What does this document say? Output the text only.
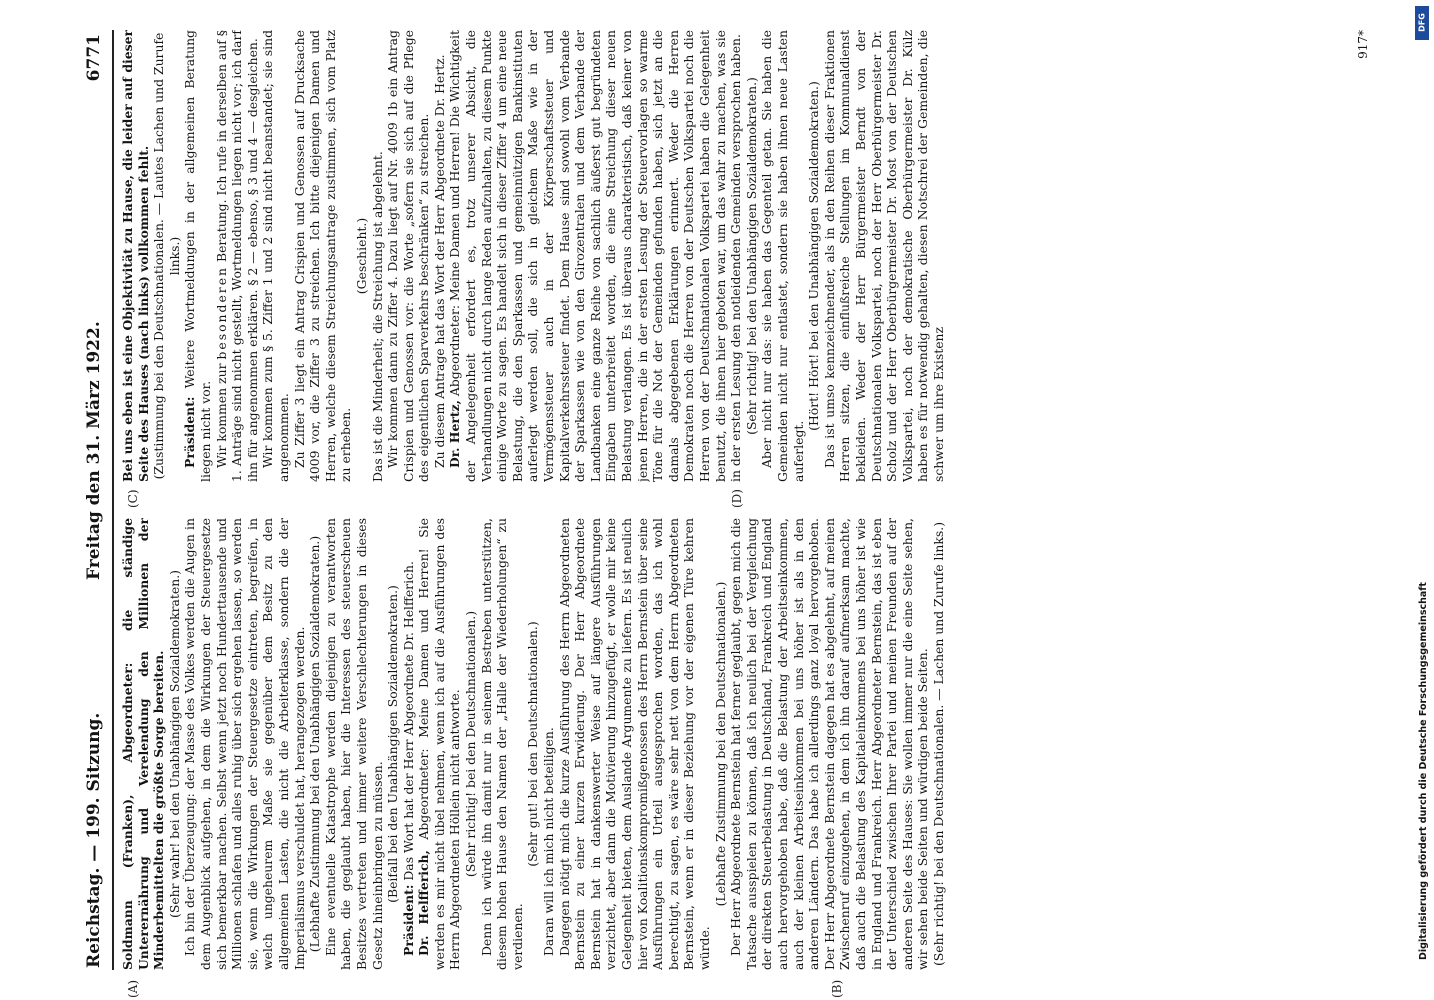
Reichstag. — 199. Sitzung.
Freitag den 31. März 1922.
6771
(A)	(B)
(C)	(D)

Soldmann (Franken), Abgeordneter: die ständige Unterernährung und Verelendung den Millionen der Minderbemittelten die größte Sorge bereiten. (Sehr wahr! bei den Unabhängigen Sozialdemokraten.) Ich bin der Überzeugung: der Masse des Volkes werden die Augen in dem Augenblick aufgehen, in dem die Wirkungen der Steuergesetze sich bemerkbar machen. Selbst wenn jetzt noch Hunderttausende und Millionen schlafen und alles ruhig über sich ergehen lassen, so werden sie, wenn die Wirkungen der Steuergesetze eintreten, begreifen, in welch ungeheurem Maße sie gegenüber dem Besitz zu den allgemeinen Lasten, die nicht die Arbeiterklasse, sondern die der Imperialismus verschuldet hat, herangezogen werden. (Lebhafte Zustimmung bei den Unabhängigen Sozialdemokraten.) Eine eventuelle Katastrophe werden diejenigen zu verantworten haben, die geglaubt haben, hier die Interessen des steuerscheuen Besitzes vertreten und immer weitere Verschlechterungen in dieses Gesetz hineinbringen zu müssen. (Beifall bei den Unabhängigen Sozialdemokraten.)

Präsident: Das Wort hat der Herr Abgeordnete Dr. Helfferich.

Dr. Helfferich, Abgeordneter: Meine Damen und Herren! Sie werden es mir nicht übel nehmen, wenn ich auf die Ausführungen des Herrn Abgeordneten Höllein nicht antworte. (Sehr richtig! bei den Deutschnationalen.) Denn ich würde ihn damit nur in seinem Bestreben unterstützen, diesem hohen Hause den Namen der „Halle der Wiederholungen“ zu verdienen.

(Sehr gut! bei den Deutschnationalen.) Daran will ich mich nicht beteiligen. Dagegen nötigt mich die kurze Ausführung des Herrn Abgeordneten Bernstein zu einer kurzen Erwiderung. Der Herr Abgeordnete Bernstein hat in dankenswerter Weise auf längere Ausführungen verzichtet, aber dann die Motivierung hinzugefügt, er wolle mir keine Gelegenheit bieten, dem Auslande Argumente zu liefern. Es ist neulich hier von Koalitionskompromißgenossen des Herrn Bernstein über seine Ausführungen ein Urteil ausgesprochen worden, das ich wohl berechtigt, zu sagen, es wäre sehr nett von dem Herrn Abgeordneten Bernstein, wenn er in dieser Beziehung vor der eigenen Türe kehren würde.

(Lebhafte Zustimmung bei den Deutschnationalen.) Der Herr Abgeordnete Bernstein hat ferner geglaubt, gegen mich die Tatsache ausspielen zu können, daß ich neulich bei der Vergleichung der direkten Steuerbelastung in Deutschland, Frankreich und England auch hervorgehoben habe, daß die Belastung der Arbeitseinkommen, auch der kleinen Arbeitseinkommen bei uns höher ist als in den anderen Ländern. Das habe ich allerdings ganz loyal hervorgehoben. Der Herr Abgeordnete Bernstein dagegen hat es abgelehnt, auf meinen Zwischenruf einzugehen, in dem ich ihn darauf aufmerksam machte, daß auch die Belastung des Kapitaleinkommens bei uns höher ist wie in England und Frankreich. Herr Abgeordneter Bernstein, das ist eben der Unterschied zwischen Ihrer Partei und meinen Freunden auf der anderen Seite des Hauses: Sie wollen immer nur die eine Seite sehen, wir sehen beide Seiten und würdigen beide Seiten. (Sehr richtig! bei den Deutschnationalen. — Lachen und Zurufe links.)

Bei uns eben ist eine Objektivität zu Hause, die leider auf dieser Seite des Hauses (nach links) vollkommen fehlt. (Zustimmung bei den Deutschnationalen. — Lautes Lachen und Zurufe links.)

Präsident: Weitere Wortmeldungen in der allgemeinen Beratung liegen nicht vor. Wir kommen zur besonderen Beratung. Ich rufe in derselben auf § 1. Anträge sind nicht gestellt, Wortmeldungen liegen nicht vor; ich darf ihn für angenommen erklären. § 2 — ebenso, § 3 und 4 — desgleichen. Wir kommen zum § 5. Ziffer 1 und 2 sind nicht beanstandet; sie sind angenommen. Zu Ziffer 3 liegt ein Antrag Crispien und Genossen auf Drucksache 4009 vor, die Ziffer 3 zu streichen. Ich bitte diejenigen Damen und Herren, welche diesem Streichungsantrage zustimmen, sich vom Platz zu erheben.

(Geschieht.) Das ist die Minderheit; die Streichung ist abgelehnt. Wir kommen dann zu Ziffer 4. Dazu liegt auf Nr. 4009 1b ein Antrag Crispien und Genossen vor: die Worte „sofern sie sich auf die Pflege des eigentlichen Sparverkehrs beschränken“ zu streichen. Zu diesem Antrage hat das Wort der Herr Abgeordnete Dr. Hertz. Dr. Hertz, Abgeordneter: Meine Damen und Herren! Die Wichtigkeit der Angelegenheit erfordert es, trotz unserer Absicht, die Verhandlungen nicht durch lange Reden aufzuhalten, zu diesem Punkte einige Worte zu sagen. Es handelt sich in dieser Ziffer 4 um eine neue Belastung, die den Sparkassen und gemeinnützigen Bankinstituten auferlegt werden soll, die sich in gleichem Maße wie in der Vermögenssteuer auch in der Körperschaftssteuer und Kapitalverkehrssteuer findet. Dem Hause sind sowohl vom Verbande der Sparkassen wie von den Girozentralen und dem Verbande der Landbanken eine ganze Reihe von sachlich äußerst gut begründeten Eingaben unterbreitet worden, die eine Streichung dieser neuen Belastung verlangen. Es ist überaus charakteristisch, daß keiner von jenen Herren, die in der ersten Lesung der Steuervorlagen so warme Töne für die Not der Gemeinden gefunden haben, sich jetzt an die damals abgegebenen Erklärungen erinnert. Weder die Herren Demokraten noch die Herren von der Deutschen Volkspartei noch die Herren von der Deutschnationalen Volkspartei haben die Gelegenheit benutzt, die ihnen hier geboten war, um das wahr zu machen, was sie in der ersten Lesung den notleidenden Gemeinden versprochen haben. (Sehr richtig! bei den Unabhängigen Sozialdemokraten.) Aber nicht nur das: sie haben das Gegenteil getan. Sie haben die Gemeinden nicht nur entlastet, sondern sie haben ihnen neue Lasten auferlegt.

(Hört! Hört! bei den Unabhängigen Sozialdemokraten.) Das ist umso kennzeichnender, als in den Reihen dieser Fraktionen Herren sitzen, die einflußreiche Stellungen im Kommunaldienst bekleiden. Weder der Herr Bürgermeister Berndt von der Deutschnationalen Volkspartei, noch der Herr Oberbürgermeister Dr. Scholz und der Herr Oberbürgermeister Dr. Most von der Deutschen Volkspartei, noch der demokratische Oberbürgermeister Dr. Külz haben es für notwendig gehalten, diesen Notschrei der Gemeinden, die schwer um ihre Existenz

917*
DFG
Digitalisierung gefördert durch die Deutsche Forschungsgemeinschaft
